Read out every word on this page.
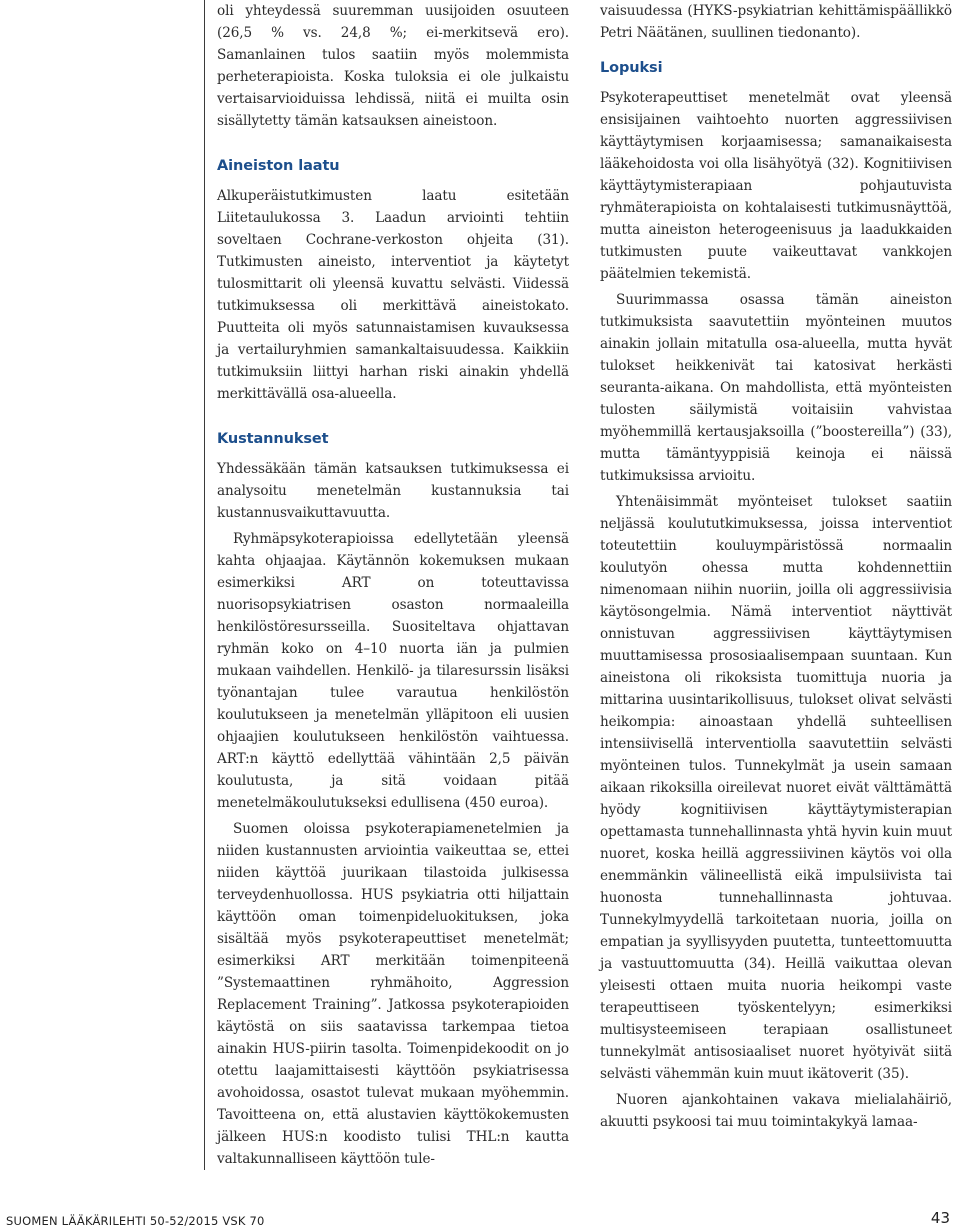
oli yhteydessä suuremman uusijoiden osuuteen (26,5 % vs. 24,8 %; ei-merkitsevä ero). Samanlainen tulos saatiin myös molemmista perheterapioista. Koska tuloksia ei ole julkaistu vertaisarvioiduissa lehdissä, niitä ei muilta osin sisällytetty tämän katsauksen aineistoon.

Aineiston laatu

Alkuperäistutkimusten laatu esitetään Liitetaulukossa 3. Laadun arviointi tehtiin soveltaen Cochrane-verkoston ohjeita (31). Tutkimusten aineisto, interventiot ja käytetyt tulosmittarit oli yleensä kuvattu selvästi. Viidessä tutkimuksessa oli merkittävä aineistokato. Puutteita oli myös satunnaistamisen kuvauksessa ja vertailuryhmien samankaltaisuudessa. Kaikkiin tutkimuksiin liittyi harhan riski ainakin yhdellä merkittävällä osa-alueella.

Kustannukset

Yhdessäkään tämän katsauksen tutkimuksessa ei analysoitu menetelmän kustannuksia tai kustannusvaikuttavuutta.

Ryhmäpsykoterapioissa edellytetään yleensä kahta ohjaajaa. Käytännön kokemuksen mukaan esimerkiksi ART on toteuttavissa nuorisopsykiatrisen osaston normaaleilla henkilöstöresursseilla. Suositeltava ohjattavan ryhmän koko on 4–10 nuorta iän ja pulmien mukaan vaihdellen. Henkilö- ja tilaresurssin lisäksi työnantajan tulee varautua henkilöstön koulutukseen ja menetelmän ylläpitoon eli uusien ohjaajien koulutukseen henkilöstön vaihtuessa. ART:n käyttö edellyttää vähintään 2,5 päivän koulutusta, ja sitä voidaan pitää menetelmäkoulutukseksi edullisena (450 euroa).

Suomen oloissa psykoterapiamenetelmien ja niiden kustannusten arviointia vaikeuttaa se, ettei niiden käyttöä juurikaan tilastoida julkisessa terveydenhuollossa. HUS psykiatria otti hiljattain käyttöön oman toimenpideluokituksen, joka sisältää myös psykoterapeuttiset menetelmät; esimerkiksi ART merkitään toimenpiteenä ”Systemaattinen ryhmähoito, Aggression Replacement Training”. Jatkossa psykoterapioiden käytöstä on siis saatavissa tarkempaa tietoa ainakin HUS-piirin tasolta. Toimenpidekoodit on jo otettu laajamittaisesti käyttöön psykiatrisessa avohoidossa, osastot tulevat mukaan myöhemmin. Tavoitteena on, että alustavien käyttökokemusten jälkeen HUS:n koodisto tulisi THL:n kautta valtakunnalliseen käyttöön tule-

vaisuudessa (HYKS-psykiatrian kehittämispäällikkö Petri Näätänen, suullinen tiedonanto).

Lopuksi

Psykoterapeuttiset menetelmät ovat yleensä ensisijainen vaihtoehto nuorten aggressiivisen käyttäytymisen korjaamisessa; samanaikaisesta lääkehoidosta voi olla lisähyötyä (32). Kognitiivisen käyttäytymisterapiaan pohjautuvista ryhmäterapioista on kohtalaisesti tutkimusnäyttöä, mutta aineiston heterogeenisuus ja laadukkaiden tutkimusten puute vaikeuttavat vankkojen päätelmien tekemistä.

Suurimmassa osassa tämän aineiston tutkimuksista saavutettiin myönteinen muutos ainakin jollain mitatulla osa-alueella, mutta hyvät tulokset heikkenivät tai katosivat herkästi seuranta-aikana. On mahdollista, että myönteisten tulosten säilymistä voitaisiin vahvistaa myöhemmillä kertausjaksoilla (”boostereilla”) (33), mutta tämäntyyppisiä keinoja ei näissä tutkimuksissa arvioitu.

Yhtenäisimmät myönteiset tulokset saatiin neljässä koulututkimuksessa, joissa interventiot toteutettiin kouluympäristössä normaalin koulutyön ohessa mutta kohdennettiin nimenomaan niihin nuoriin, joilla oli aggressiivisia käytösongelmia. Nämä interventiot näyttivät onnistuvan aggressiivisen käyttäytymisen muuttamisessa prososiaalisempaan suuntaan. Kun aineistona oli rikoksista tuomittuja nuoria ja mittarina uusintarikollisuus, tulokset olivat selvästi heikompia: ainoastaan yhdellä suhteellisen intensiivisellä interventiolla saavutettiin selvästi myönteinen tulos. Tunnekylmät ja usein samaan aikaan rikoksilla oireilevat nuoret eivät välttämättä hyödy kognitiivisen käyttäytymisterapian opettamasta tunnehallinnasta yhtä hyvin kuin muut nuoret, koska heillä aggressiivinen käytös voi olla enemmänkin välineellistä eikä impulsiivista tai huonosta tunnehallinnasta johtuvaa. Tunnekylmyydellä tarkoitetaan nuoria, joilla on empatian ja syyllisyyden puutetta, tunteettomuutta ja vastuuttomuutta (34). Heillä vaikuttaa olevan yleisesti ottaen muita nuoria heikompi vaste terapeuttiseen työskentelyyn; esimerkiksi multisysteemiseen terapiaan osallistuneet tunnekylmät antisosiaaliset nuoret hyötyivät siitä selvästi vähemmän kuin muut ikätoverit (35).

Nuoren ajankohtainen vakava mielialahäiriö, akuutti psykoosi tai muu toimintakykyä lamaa-

SUOMEN LÄÄKÄRILEHTI 50-52/2015 VSK 70	43
